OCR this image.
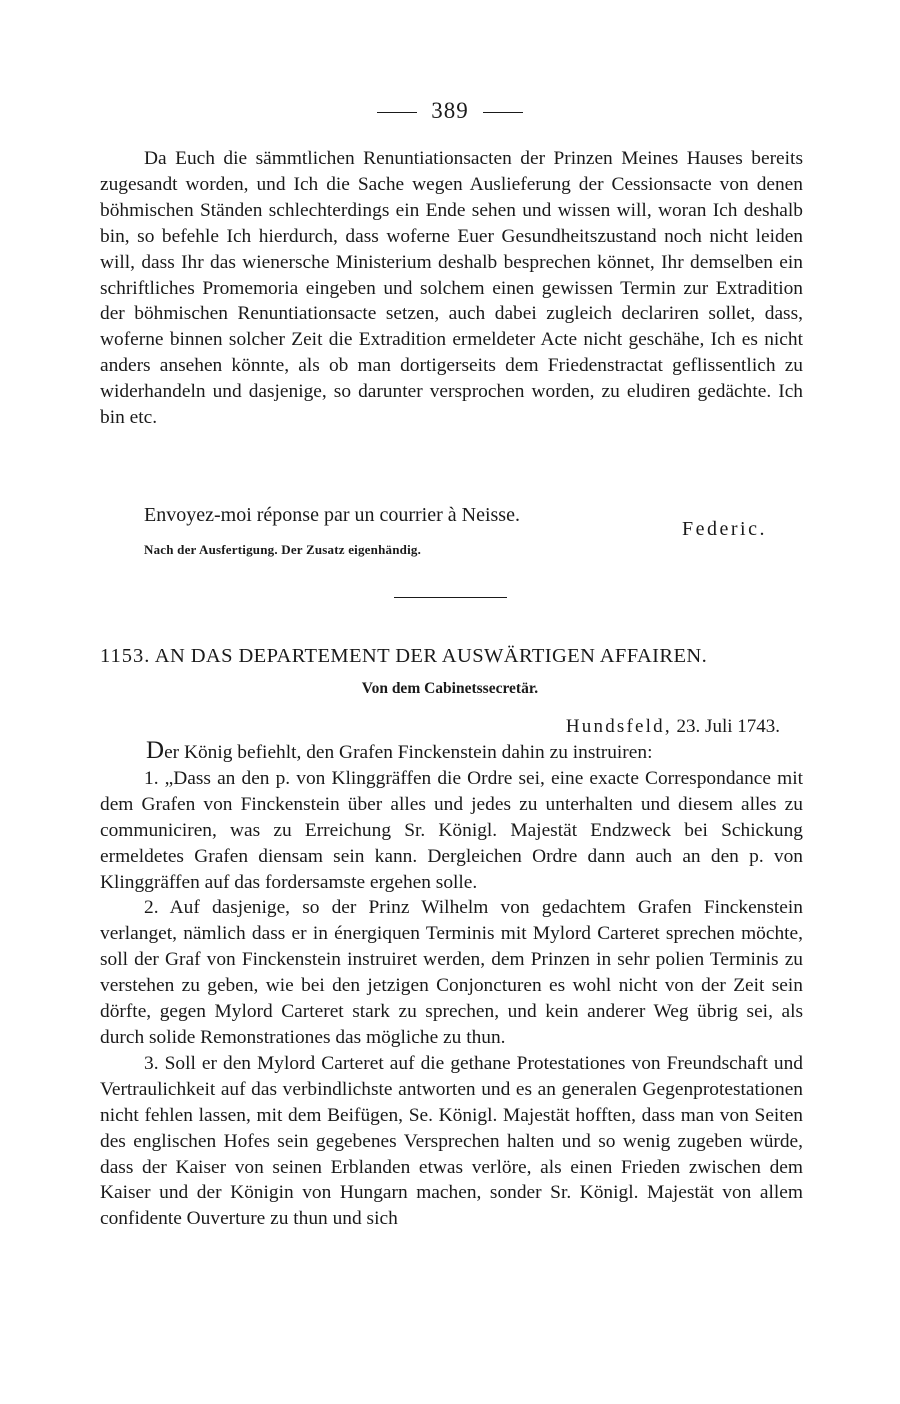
389

Da Euch die sämmtlichen Renuntiationsacten der Prinzen Meines Hauses bereits zugesandt worden, und Ich die Sache wegen Auslieferung der Cessionsacte von denen böhmischen Ständen schlechterdings ein Ende sehen und wissen will, woran Ich deshalb bin, so befehle Ich hierdurch, dass woferne Euer Gesundheitszustand noch nicht leiden will, dass Ihr das wienersche Ministerium deshalb besprechen könnet, Ihr demselben ein schriftliches Promemoria eingeben und solchem einen gewissen Termin zur Extradition der böhmischen Renuntiationsacte setzen, auch dabei zugleich declariren sollet, dass, woferne binnen solcher Zeit die Extradition ermeldeter Acte nicht geschähe, Ich es nicht anders ansehen könnte, als ob man dortigerseits dem Friedenstractat geflissentlich zu widerhandeln und dasjenige, so darunter versprochen worden, zu eludiren gedächte. Ich bin etc.

Envoyez-moi réponse par un courrier à Neisse.
Federic.
Nach der Ausfertigung. Der Zusatz eigenhändig.
1153. AN DAS DEPARTEMENT DER AUSWÄRTIGEN AFFAIREN.
Von dem Cabinetssecretär.
Hundsfeld, 23. Juli 1743.

Der König befiehlt, den Grafen Finckenstein dahin zu instruiren:

1. „Dass an den p. von Klinggräffen die Ordre sei, eine exacte Correspondance mit dem Grafen von Finckenstein über alles und jedes zu unterhalten und diesem alles zu communiciren, was zu Erreichung Sr. Königl. Majestät Endzweck bei Schickung ermeldetes Grafen diensam sein kann. Dergleichen Ordre dann auch an den p. von Klinggräffen auf das fordersamste ergehen solle.

2. Auf dasjenige, so der Prinz Wilhelm von gedachtem Grafen Finckenstein verlanget, nämlich dass er in énergiquen Terminis mit Mylord Carteret sprechen möchte, soll der Graf von Finckenstein instruiret werden, dem Prinzen in sehr polien Terminis zu verstehen zu geben, wie bei den jetzigen Conjoncturen es wohl nicht von der Zeit sein dörfte, gegen Mylord Carteret stark zu sprechen, und kein anderer Weg übrig sei, als durch solide Remonstrationes das mögliche zu thun.

3. Soll er den Mylord Carteret auf die gethane Protestationes von Freundschaft und Vertraulichkeit auf das verbindlichste antworten und es an generalen Gegenprotestationen nicht fehlen lassen, mit dem Beifügen, Se. Königl. Majestät hofften, dass man von Seiten des englischen Hofes sein gegebenes Versprechen halten und so wenig zugeben würde, dass der Kaiser von seinen Erblanden etwas verlöre, als einen Frieden zwischen dem Kaiser und der Königin von Hungarn machen, sonder Sr. Königl. Majestät von allem confidente Ouverture zu thun und sich
